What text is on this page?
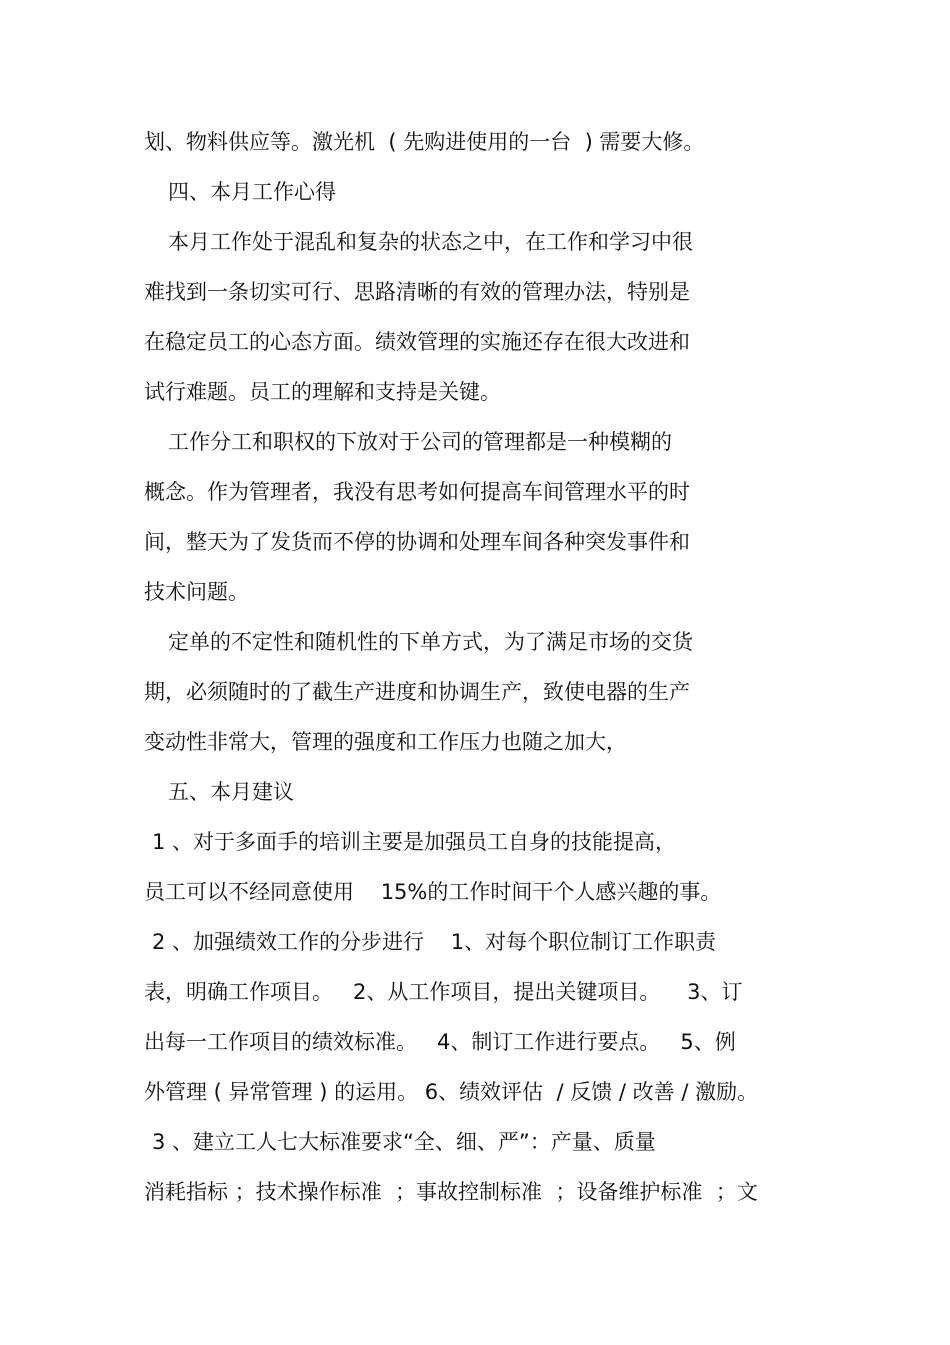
划、物料供应等。激光机  ( 先购进使用的一台  ) 需要大修。
四、本月工作心得
本月工作处于混乱和复杂的状态之中，在工作和学习中很
难找到一条切实可行、思路清晰的有效的管理办法，特别是
在稳定员工的心态方面。绩效管理的实施还存在很大改进和
试行难题。员工的理解和支持是关键。
工作分工和职权的下放对于公司的管理都是一种模糊的
概念。作为管理者，我没有思考如何提高车间管理水平的时
间，整天为了发货而不停的协调和处理车间各种突发事件和
技术问题。
定单的不定性和随机性的下单方式，为了满足市场的交货
期，必须随时的了截生产进度和协调生产，致使电器的生产
变动性非常大，管理的强度和工作压力也随之加大，
五、本月建议
1 、对于多面手的培训主要是加强员工自身的技能提高，
员工可以不经同意使用    15%的工作时间干个人感兴趣的事。
2 、加强绩效工作的分步进行    1、对每个职位制订工作职责
表，明确工作项目。   2、从工作项目，提出关键项目。    3、订
出每一工作项目的绩效标准。   4、制订工作进行要点。   5、例
外管理 ( 异常管理 ) 的运用。 6、绩效评估  / 反馈 / 改善 / 激励。
3 、建立工人七大标准要求“全、细、严”：产量、质量
消耗指标 ；技术操作标准  ；事故控制标准  ；设备维护标准  ；文
